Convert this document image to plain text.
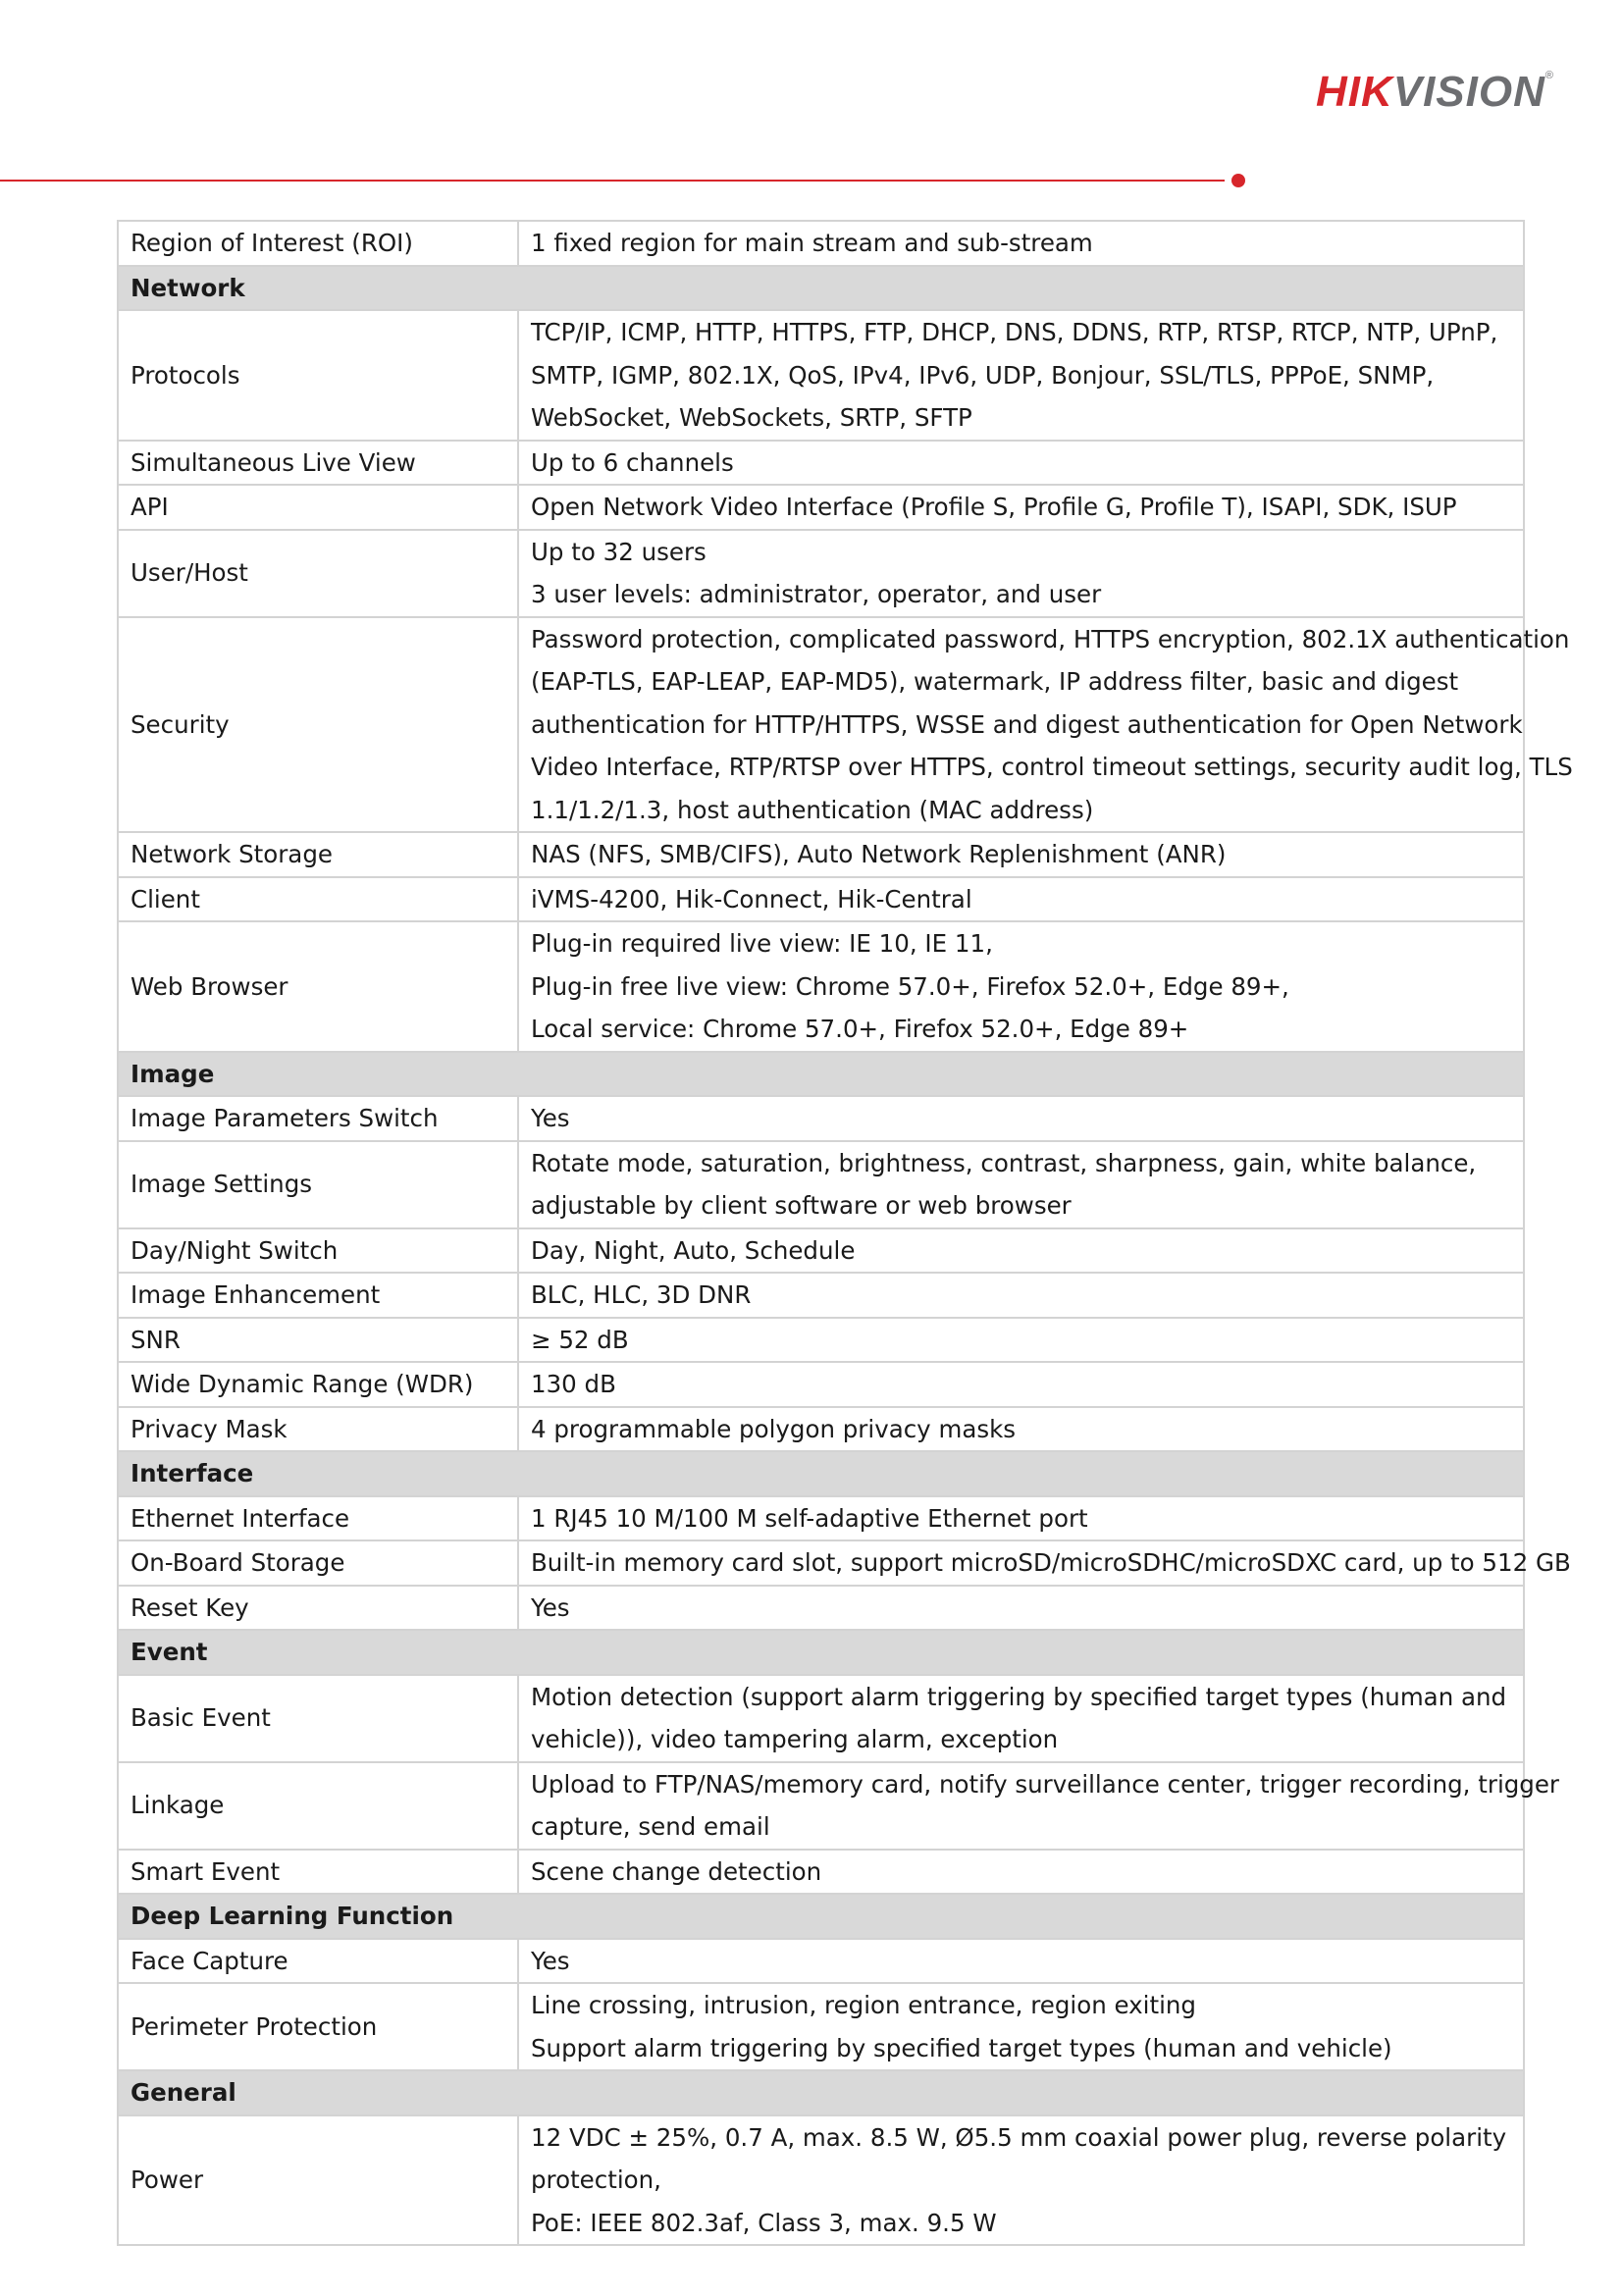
HIKVISION®
Region of Interest (ROI)	1 fixed region for main stream and sub-stream

Network	
Protocols	TCP/IP, ICMP, HTTP, HTTPS, FTP, DHCP, DNS, DDNS, RTP, RTSP, RTCP, NTP, UPnP,
SMTP, IGMP, 802.1X, QoS, IPv4, IPv6, UDP, Bonjour, SSL/TLS, PPPoE, SNMP,
WebSocket, WebSockets, SRTP, SFTP

Simultaneous Live View	Up to 6 channels

API	Open Network Video Interface (Profile S, Profile G, Profile T), ISAPI, SDK, ISUP

User/Host	Up to 32 users
3 user levels: administrator, operator, and user

Security	Password protection, complicated password, HTTPS encryption, 802.1X authentication
(EAP-TLS, EAP-LEAP, EAP-MD5), watermark, IP address filter, basic and digest
authentication for HTTP/HTTPS, WSSE and digest authentication for Open Network
Video Interface, RTP/RTSP over HTTPS, control timeout settings, security audit log, TLS
1.1/1.2/1.3, host authentication (MAC address)

Network Storage	NAS (NFS, SMB/CIFS), Auto Network Replenishment (ANR)

Client	iVMS-4200, Hik-Connect, Hik-Central

Web Browser	Plug-in required live view: IE 10, IE 11,
Plug-in free live view: Chrome 57.0+, Firefox 52.0+, Edge 89+,
Local service: Chrome 57.0+, Firefox 52.0+, Edge 89+

Image	
Image Parameters Switch	Yes

Image Settings	Rotate mode, saturation, brightness, contrast, sharpness, gain, white balance,
adjustable by client software or web browser

Day/Night Switch	Day, Night, Auto, Schedule

Image Enhancement	BLC, HLC, 3D DNR

SNR	≥ 52 dB

Wide Dynamic Range (WDR)	130 dB

Privacy Mask	4 programmable polygon privacy masks

Interface	
Ethernet Interface	1 RJ45 10 M/100 M self-adaptive Ethernet port

On-Board Storage	Built-in memory card slot, support microSD/microSDHC/microSDXC card, up to 512 GB

Reset Key	Yes

Event	
Basic Event	Motion detection (support alarm triggering by specified target types (human and
vehicle)), video tampering alarm, exception

Linkage	Upload to FTP/NAS/memory card, notify surveillance center, trigger recording, trigger
capture, send email

Smart Event	Scene change detection

Deep Learning Function	
Face Capture	Yes

Perimeter Protection	Line crossing, intrusion, region entrance, region exiting
Support alarm triggering by specified target types (human and vehicle)

General	
Power	12 VDC ± 25%, 0.7 A, max. 8.5 W, Ø5.5 mm coaxial power plug, reverse polarity
protection,
PoE: IEEE 802.3af, Class 3, max. 9.5 W
